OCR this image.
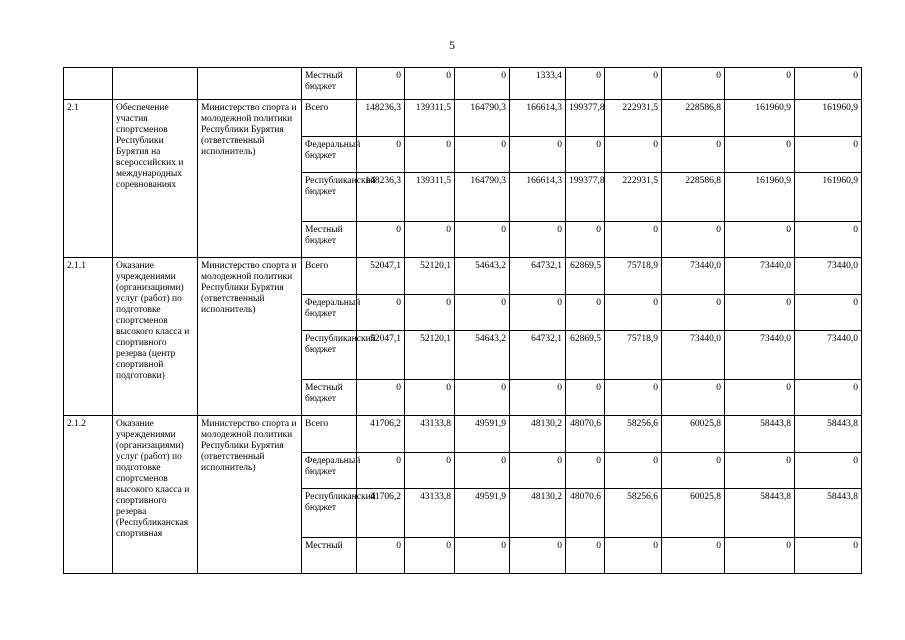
5
			Местный бюджет	0	0	0	1333,4	0	0	0	0	0
2.1	Обеспечение участия спортсменов Республики Бурятия на всероссийских и международных соревнованиях	Министерство спорта и молодежной политики Республики Бурятия (ответственный исполнитель)	Всего	148236,3	139311,5	164790,3	166614,3	199377,8	222931,5	228586,8	161960,9	161960,9
			Федеральный бюджет	0	0	0	0	0	0	0	0	0
			Республиканский бюджет	148236,3	139311,5	164790,3	166614,3	199377,8	222931,5	228586,8	161960,9	161960,9
			Местный бюджет	0	0	0	0	0	0	0	0	0
2.1.1	Оказание учреждениями (организациями) услуг (работ) по подготовке спортсменов высокого класса и спортивного резерва (центр спортивной подготовки)	Министерство спорта и молодежной политики Республики Бурятия (ответственный исполнитель)	Всего	52047,1	52120,1	54643,2	64732,1	62869,5	75718,9	73440,0	73440,0	73440,0
			Федеральный бюджет	0	0	0	0	0	0	0	0	0
			Республиканский бюджет	52047,1	52120,1	54643,2	64732,1	62869,5	75718,9	73440,0	73440,0	73440,0
			Местный бюджет	0	0	0	0	0	0	0	0	0
2.1.2	Оказание учреждениями (организациями) услуг (работ) по подготовке спортсменов высокого класса и спортивного резерва (Республиканская спортивная	Министерство спорта и молодежной политики Республики Бурятия (ответственный исполнитель)	Всего	41706,2	43133,8	49591,9	48130,2	48070,6	58256,6	60025,8	58443,8	58443,8
			Федеральный бюджет	0	0	0	0	0	0	0	0	0
			Республиканский бюджет	41706,2	43133,8	49591,9	48130,2	48070,6	58256,6	60025,8	58443,8	58443,8
			Местный	0	0	0	0	0	0	0	0	0
